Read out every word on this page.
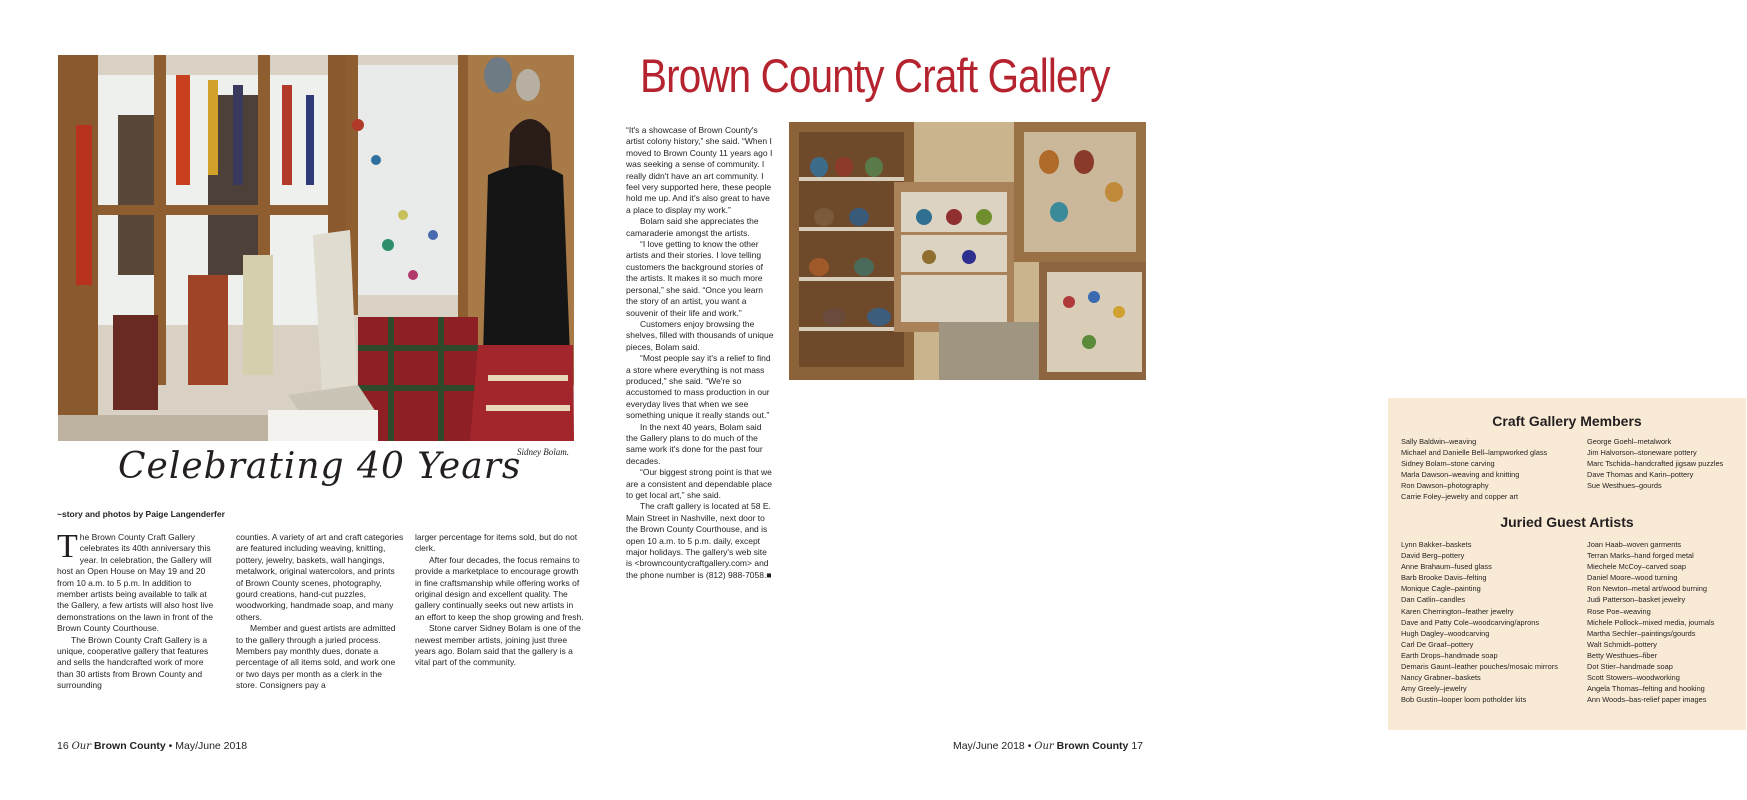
Sidney Bolam.
Celebrating 40 Years
~story and photos by Paige Langenderfer

The Brown County Craft Gallery celebrates its 40th anniversary this year. In celebration, the Gallery will host an Open House on May 19 and 20 from 10 a.m. to 5 p.m. In addition to member artists being available to talk at the Gallery, a few artists will also host live demonstrations on the lawn in front of the Brown County Courthouse.

The Brown County Craft Gallery is a unique, cooperative gallery that features and sells the handcrafted work of more than 30 artists from Brown County and surrounding

counties. A variety of art and craft categories are featured including weaving, knitting, pottery, jewelry, baskets, wall hangings, metalwork, original watercolors, and prints of Brown County scenes, photography, gourd creations, hand-cut puzzles, woodworking, handmade soap, and many others.

Member and guest artists are admitted to the gallery through a juried process. Members pay monthly dues, donate a percentage of all items sold, and work one or two days per month as a clerk in the store. Consigners pay a

larger percentage for items sold, but do not clerk.

After four decades, the focus remains to provide a marketplace to encourage growth in fine craftsmanship while offering works of original design and excellent quality. The gallery continually seeks out new artists in an effort to keep the shop growing and fresh.

Stone carver Sidney Bolam is one of the newest member artists, joining just three years ago. Bolam said that the gallery is a vital part of the community.

16 Our Brown County • May/June 2018
Brown County Craft Gallery

“It's a showcase of Brown County's artist colony history,” she said. “When I moved to Brown County 11 years ago I was seeking a sense of community. I really didn't have an art community. I feel very supported here, these people hold me up. And it's also great to have a place to display my work.”

Bolam said she appreciates the camaraderie amongst the artists.

“I love getting to know the other artists and their stories. I love telling customers the background stories of the artists. It makes it so much more personal,” she said. “Once you learn the story of an artist, you want a souvenir of their life and work.”

Customers enjoy browsing the shelves, filled with thousands of unique pieces, Bolam said.

“Most people say it's a relief to find a store where everything is not mass produced,” she said. “We're so accustomed to mass production in our everyday lives that when we see something unique it really stands out.”

In the next 40 years, Bolam said the Gallery plans to do much of the same work it's done for the past four decades.

“Our biggest strong point is that we are a consistent and dependable place to get local art,” she said.

The craft gallery is located at 58 E. Main Street in Nashville, next door to the Brown County Courthouse, and is open 10 a.m. to 5 p.m. daily, except major holidays. The gallery's web site is <browncountycraftgallery.com> and the phone number is (812) 988-7058.■

Craft Gallery Members
Sally Baldwin–weaving
Michael and Danielle Bell–lampworked glass
Sidney Bolam–stone carving
Marla Dawson–weaving and knitting
Ron Dawson–photography
Carrie Foley–jewelry and copper art
George Goehl–metalwork
Jim Halvorson–stoneware pottery
Marc Tschida–handcrafted jigsaw puzzles
Dave Thomas and Karin–pottery
Sue Westhues–gourds
Juried Guest Artists
Lynn Bakker–baskets
David Berg–pottery
Anne Brahaum–fused glass
Barb Brooke Davis–felting
Monique Cagle–painting
Dan Catlin–candles
Karen Cherrington–feather jewelry
Dave and Patty Cole–woodcarving/aprons
Hugh Dagley–woodcarving
Carl De Graaf–pottery
Earth Drops–handmade soap
Demaris Gaunt–leather pouches/mosaic mirrors
Nancy Grabner–baskets
Amy Greely–jewelry
Bob Gustin–looper loom potholder kits
Joan Haab–woven garments
Terran Marks–hand forged metal
Miechele McCoy–carved soap
Daniel Moore–wood turning
Ron Newton–metal art/wood burning
Judi Patterson–basket jewelry
Rose Poe–weaving
Michele Pollock–mixed media, journals
Martha Sechler–paintings/gourds
Walt Schmidt–pottery
Betty Westhues–fiber
Dot Stier–handmade soap
Scott Stowers–woodworking
Angela Thomas–felting and hooking
Ann Woods–bas-relief paper images
May/June 2018 • Our Brown County 17
